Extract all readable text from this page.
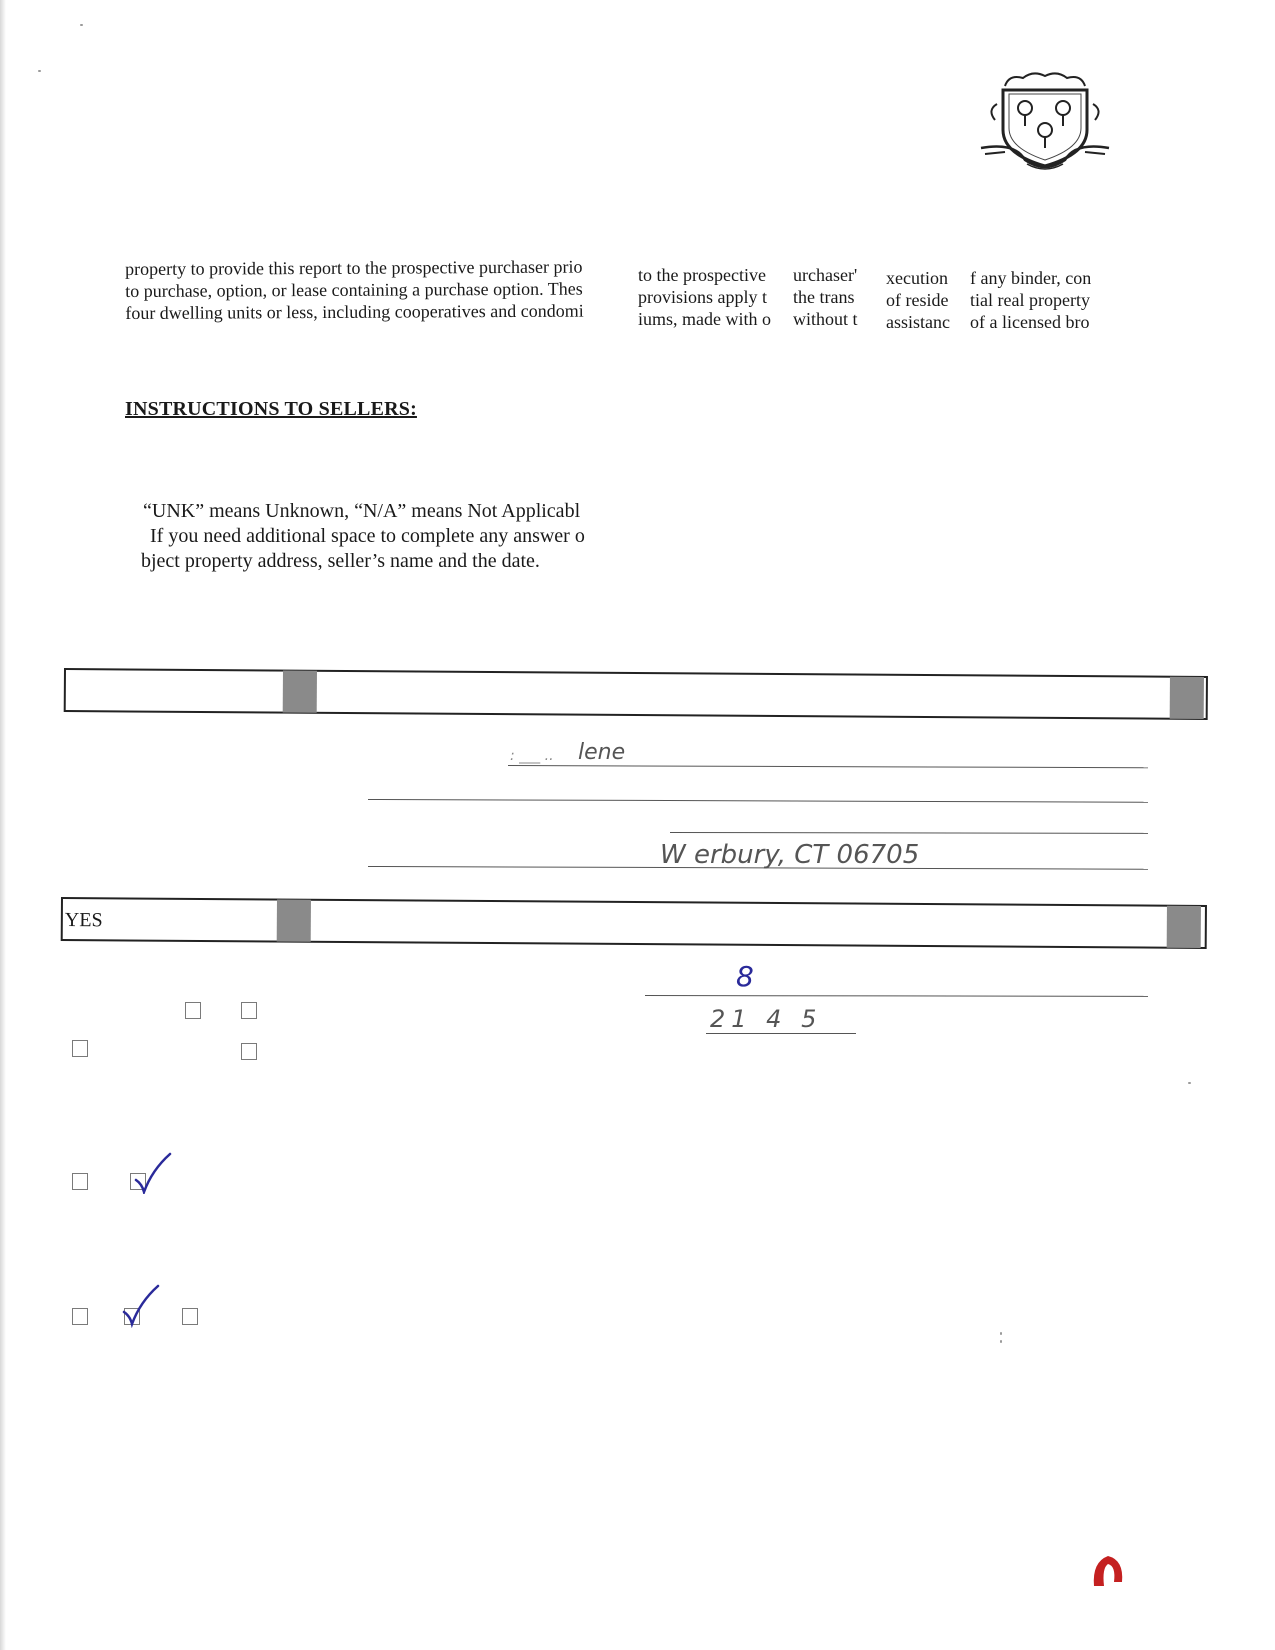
property to provide this report to the prospective purchaser prio
to purchase, option, or lease containing a purchase option. Thes
four dwelling units or less, including cooperatives and condomi
to the prospective
provisions apply t
iums, made with o
urchaser'
the trans
without t
xecution
of reside
assistanc
f any binder, con
tial real property
of a licensed bro
INSTRUCTIONS TO SELLERS:
“UNK” means Unknown, “N/A” means Not Applicabl
If you need additional space to complete any answer o
bject property address, seller’s name and the date.
lene
: ___ ..
W erbury, CT 06705
YES
8
21 4 5
